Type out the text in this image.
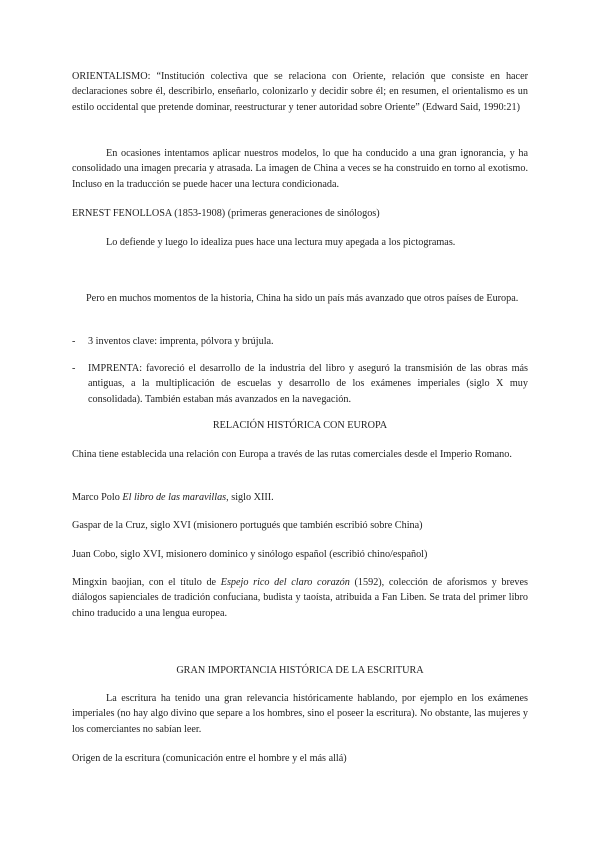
ORIENTALISMO: “Institución colectiva que se relaciona con Oriente, relación que consiste en hacer declaraciones sobre él, describirlo, enseñarlo, colonizarlo y decidir sobre él; en resumen, el orientalismo es un estilo occidental que pretende dominar, reestructurar y tener autoridad sobre Oriente” (Edward Said, 1990:21)

En ocasiones intentamos aplicar nuestros modelos, lo que ha conducido a una gran ignorancia, y ha consolidado una imagen precaria y atrasada. La imagen de China a veces se ha construido en torno al exotismo. Incluso en la traducción se puede hacer una lectura condicionada.

ERNEST FENOLLOSA (1853-1908) (primeras generaciones de sinólogos)

Lo defiende y luego lo idealiza pues hace una lectura muy apegada a los pictogramas.

Pero en muchos momentos de la historia, China ha sido un país más avanzado que otros países de Europa.

-	3 inventos clave: imprenta, pólvora y brújula.
-	IMPRENTA: favoreció el desarrollo de la industria del libro y aseguró la transmisión de las obras más antiguas, a la multiplicación de escuelas y desarrollo de los exámenes imperiales (siglo X muy consolidada). También estaban más avanzados en la navegación.

RELACIÓN HISTÓRICA CON EUROPA

China tiene establecida una relación con Europa a través de las rutas comerciales desde el Imperio Romano.

Marco Polo El libro de las maravillas, siglo XIII.

Gaspar de la Cruz, siglo XVI (misionero portugués que también escribió sobre China)

Juan Cobo, siglo XVI, misionero dominico y sinólogo español (escribió chino/español)

Mingxin baojian, con el título de Espejo rico del claro corazón (1592), colección de aforismos y breves diálogos sapienciales de tradición confuciana, budista y taoísta, atribuida a Fan Liben. Se trata del primer libro chino traducido a una lengua europea.

GRAN IMPORTANCIA HISTÓRICA DE LA ESCRITURA

La escritura ha tenido una gran relevancia históricamente hablando, por ejemplo en los exámenes imperiales (no hay algo divino que separe a los hombres, sino el poseer la escritura). No obstante, las mujeres y los comerciantes no sabían leer.

Origen de la escritura (comunicación entre el hombre y el más allá)
